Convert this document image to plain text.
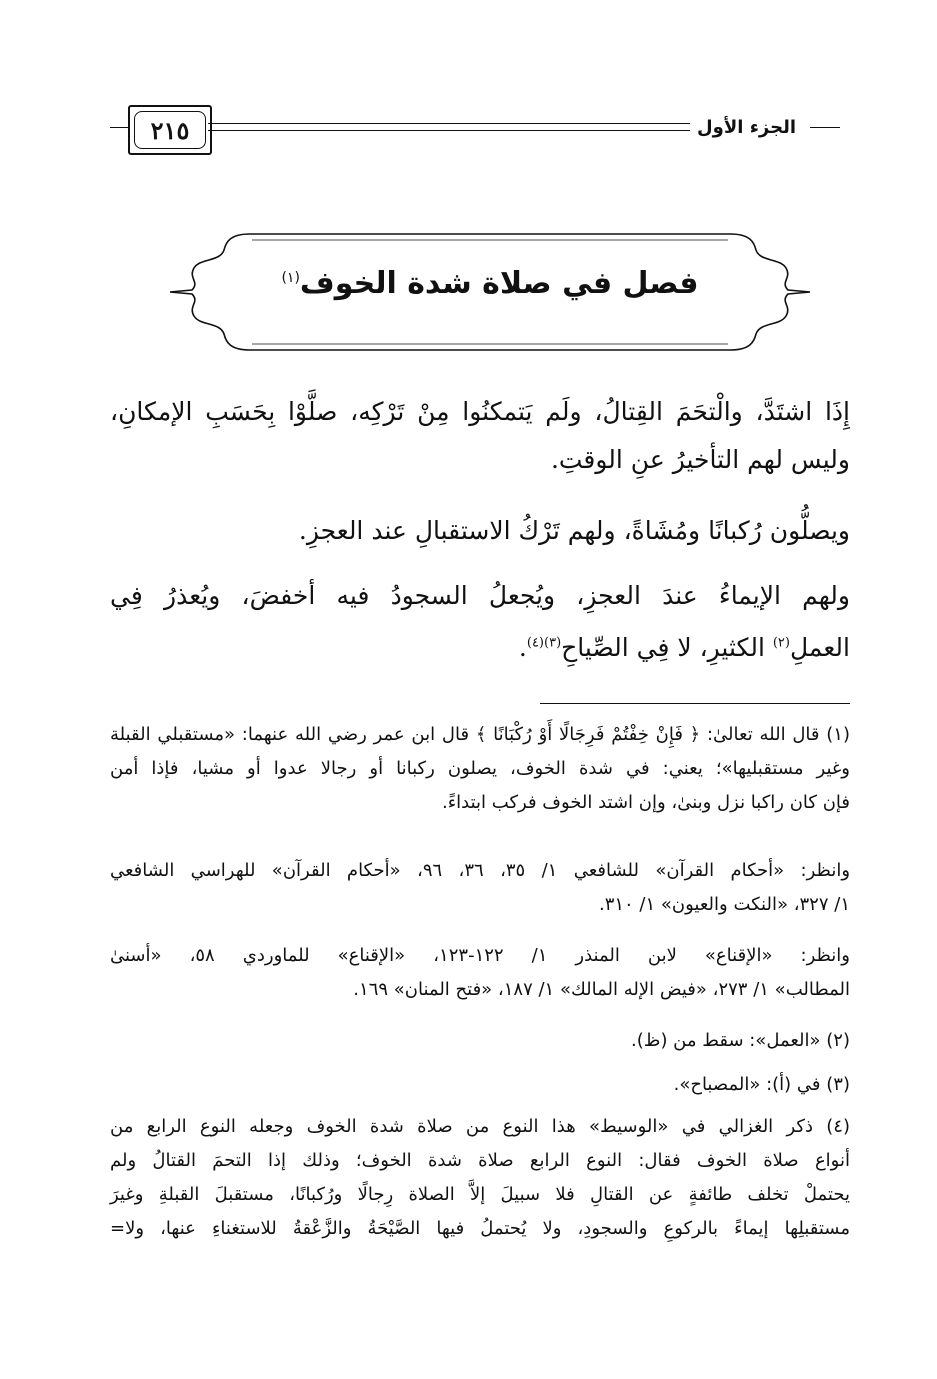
٢١٥	الجزء الأول
فصل في صلاة شدة الخوف$^{(١)}$
إِذَا اشتَدَّ، والْتحَمَ القِتالُ، ولَم يَتمكنُوا مِنْ تَرْكِه، صلَّوْا بِحَسَبِ الإمكانِ،
وليس لهم التأخيرُ عنِ الوقتِ.
ويصلُّون رُكبانًا ومُشَاةً، ولهم تَرْكُ الاستقبالِ عند العجزِ.
ولهم الإيماءُ عندَ العجزِ، ويُجعلُ السجودُ فيه أخفضَ، ويُعذرُ فِي
العملِ$^{(٢)}$ الكثيرِ، لا فِي الصِّياحِ$^{(٣)(٤)}$.
(١) قال الله تعالىٰ: ﴿ فَإِنْ خِفْتُمْ فَرِجَالًا أَوْ رُكْبَانًا ﴾ قال ابن عمر رضي الله عنهما: «مستقبلي القبلة
وغير مستقبليها»؛ يعني: في شدة الخوف، يصلون ركبانا أو رجالا عدوا أو مشيا، فإذا أمن
فإن كان راكبا نزل وبنىٰ، وإن اشتد الخوف فركب ابتداءً.
وانظر: «أحكام القرآن» للشافعي ١/ ٣٥، ٣٦، ٩٦، «أحكام القرآن» للهراسي الشافعي
١/ ٣٢٧، «النكت والعيون» ١/ ٣١٠.
وانظر: «الإقناع» لابن المنذر ١/ ١٢٢-١٢٣، «الإقناع» للماوردي ٥٨، «أسنىٰ
المطالب» ١/ ٢٧٣، «فيض الإله المالك» ١/ ١٨٧، «فتح المنان» ١٦٩.
(٢) «العمل»: سقط من (ظ).
(٣) في (أ): «المصباح».
(٤) ذكر الغزالي في «الوسيط» هذا النوع من صلاة شدة الخوف وجعله النوع الرابع من
أنواع صلاة الخوف فقال: النوع الرابع صلاة شدة الخوف؛ وذلك إذا التحمَ القتالُ ولم
يحتملْ تخلف طائفةٍ عن القتالِ فلا سبيلَ إلاَّ الصلاة رِجالًا ورُكبانًا، مستقبلَ القبلةِ وغيرَ
مستقبلِها إيماءً بالركوعِ والسجودِ، ولا يُحتملُ فيها الصَّيْحَةُ والزَّعْقةُ للاستغناءِ عنها، ولا=
